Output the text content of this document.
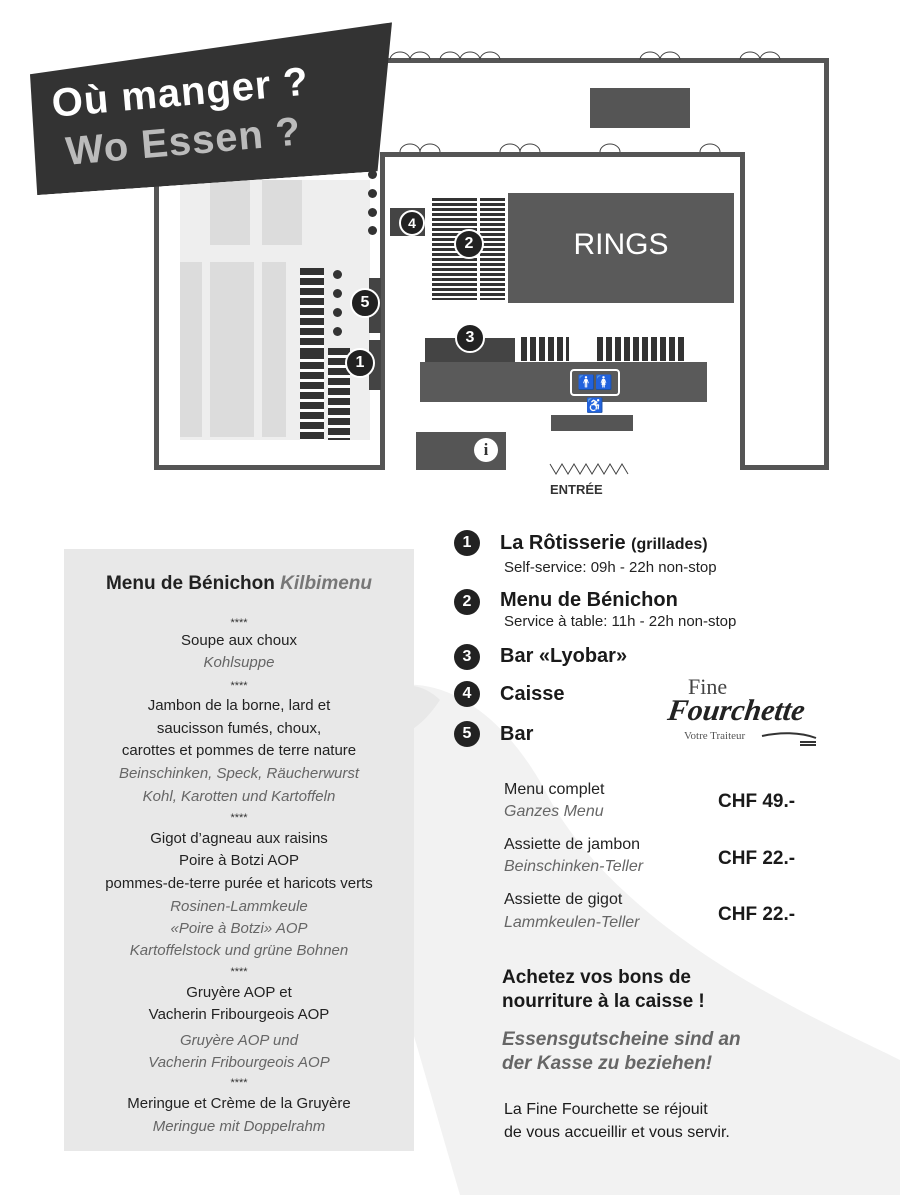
RINGS
🚹🚺♿
i
ENTRÉE
4
2
5
3
1
Où manger ?
Wo Essen ?
Menu de Bénichon Kilbimenu
****
Soupe aux choux
Kohlsuppe
****
Jambon de la borne, lard et
saucisson fumés, choux,
carottes et pommes de terre nature
Beinschinken, Speck, Räucherwurst
Kohl, Karotten und Kartoffeln
****
Gigot d’agneau aux raisins
Poire à Botzi AOP
pommes-de-terre purée et haricots verts
Rosinen-Lammkeule
«Poire à Botzi» AOP
Kartoffelstock und grüne Bohnen
****
Gruyère AOP et
Vacherin Fribourgeois AOP
Gruyère AOP und
Vacherin Fribourgeois AOP
****
Meringue et Crème de la Gruyère
Meringue mit Doppelrahm
1	La Rôtisserie (grillades)
Self-service: 09h - 22h non-stop
2	Menu de Bénichon
Service à table: 11h - 22h non-stop
3	Bar «Lyobar»
4	Caisse
5	Bar
Fine
Fourchette
Votre Traiteur
Menu complet
Ganzes Menu	CHF 49.-
Assiette de jambon
Beinschinken-Teller	CHF 22.-
Assiette de gigot
Lammkeulen-Teller	CHF 22.-
Achetez vos bons de
nourriture à la caisse !
Essensgutscheine sind an
der Kasse zu beziehen!
La Fine Fourchette se réjouit
de vous accueillir et vous servir.
